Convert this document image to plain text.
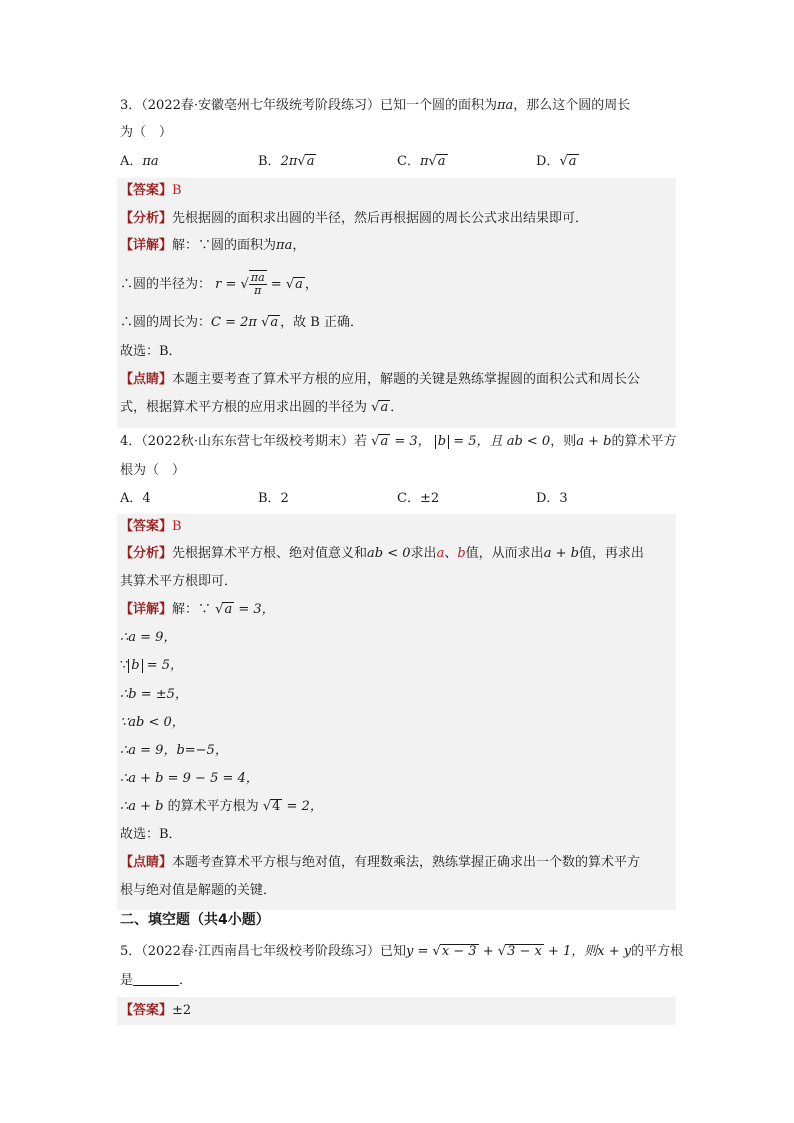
3．（2022春·安徽亳州七年级统考阶段练习）已知一个圆的面积为πa，那么这个圆的周长
为（　）
A．πa	B．2π√a	C．π√a	D．√a
【答案】B
【分析】先根据圆的面积求出圆的半径，然后再根据圆的周长公式求出结果即可．
【详解】解：∵圆的面积为πa，
∴圆的半径为： r = √ $\frac{\pi a}{\pi} = √a$ ，
∴圆的周长为：C = 2π √a ，故 B 正确．
故选：B．
【点睛】本题主要考查了算术平方根的应用，解题的关键是熟练掌握圆的面积公式和周长公
式，根据算术平方根的应用求出圆的半径为 √a ．
4．（2022秋·山东东营七年级校考期末）若 √a = 3， b = 5，且 ab < 0，则a + b的算术平方
根为（　）
A．4	B．2	C．±2	D．3
【答案】B
【分析】先根据算术平方根、绝对值意义和ab < 0求出a、b值，从而求出a + b值，再求出
其算术平方根即可．
【详解】解：∵ √a = 3，
∴a = 9，
∵ b = 5，
∴b = ±5，
∵ab < 0，
∴a = 9，b=−5，
∴a + b = 9 − 5 = 4，
∴a + b 的算术平方根为 √4 = 2，
故选：B．
【点睛】本题考查算术平方根与绝对值，有理数乘法，熟练掌握正确求出一个数的算术平方
根与绝对值是解题的关键．
二、填空题（共4小题）
5．（2022春·江西南昌七年级校考阶段练习）已知y = √x − 3 + √3 − x + 1，则x + y的平方根
是	．
【答案】±2
